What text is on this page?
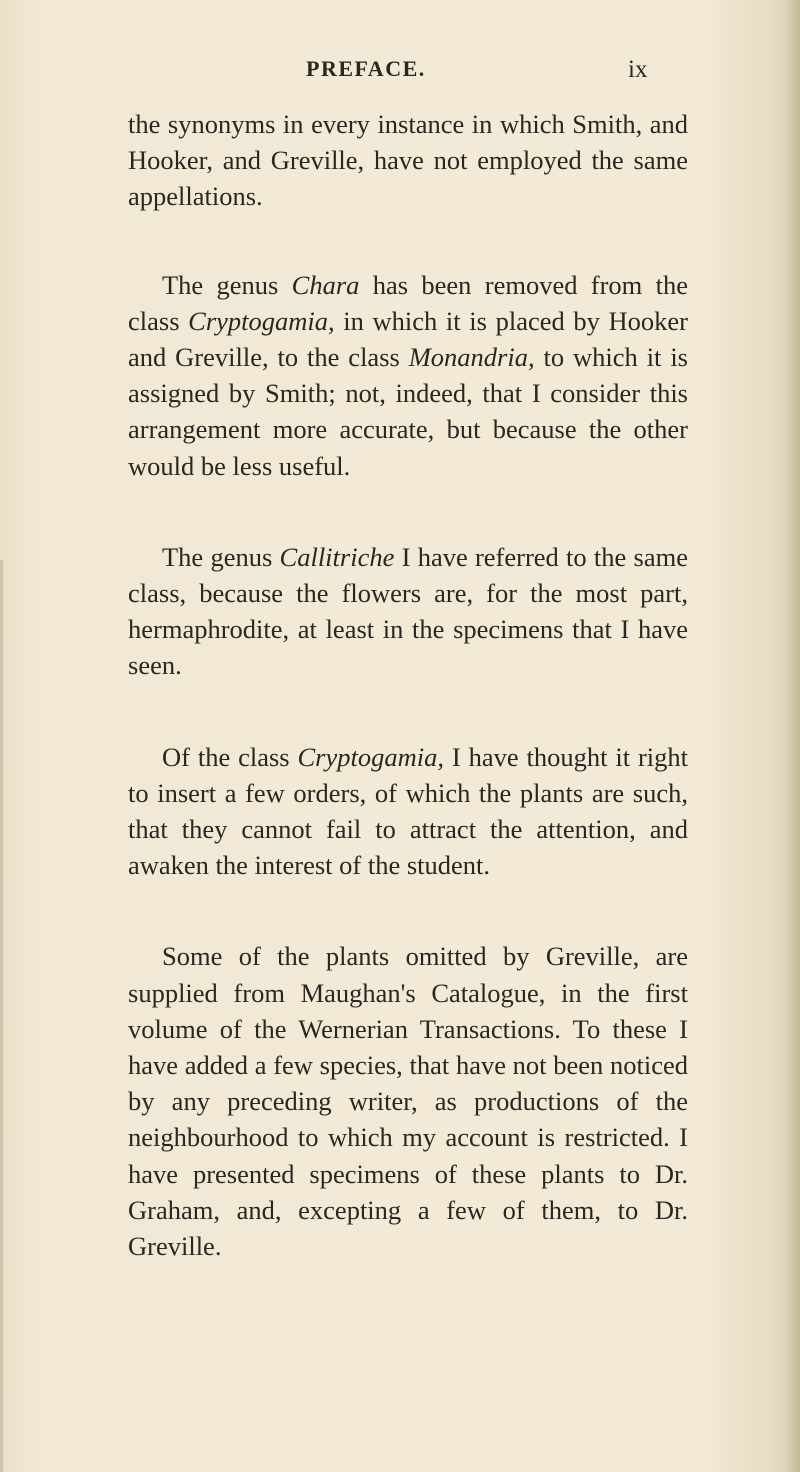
PREFACE.	ix

the synonyms in every instance in which Smith, and Hooker, and Greville, have not employed the same appellations.

The genus Chara has been removed from the class Cryptogamia, in which it is placed by Hooker and Greville, to the class Monandria, to which it is assigned by Smith; not, indeed, that I consider this arrangement more accurate, but because the other would be less useful.

The genus Callitriche I have referred to the same class, because the flowers are, for the most part, hermaphrodite, at least in the specimens that I have seen.

Of the class Cryptogamia, I have thought it right to insert a few orders, of which the plants are such, that they cannot fail to attract the attention, and awaken the interest of the student.

Some of the plants omitted by Greville, are supplied from Maughan's Catalogue, in the first volume of the Wernerian Transactions. To these I have added a few species, that have not been noticed by any preceding writer, as productions of the neighbourhood to which my account is restricted. I have presented specimens of these plants to Dr. Graham, and, excepting a few of them, to Dr. Greville.
